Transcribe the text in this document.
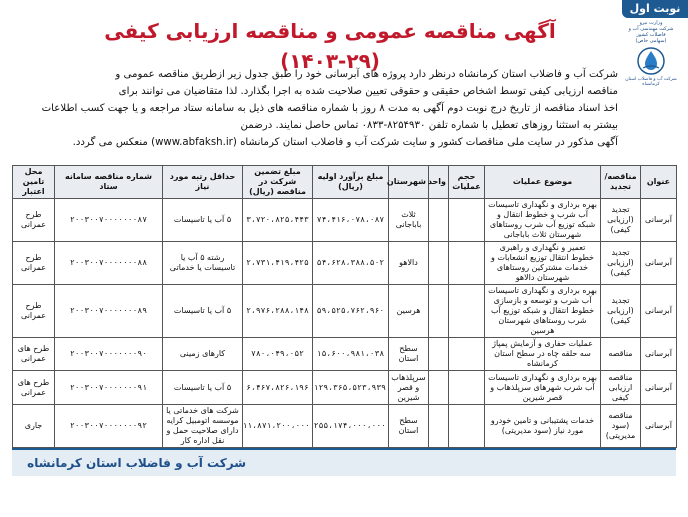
نوبت اول
وزارت نیرو
شرکت مهندسی آب و فاضلاب کشور
(سهامی خاص)
شرکت آب و فاضلاب استان کرمانشاه
آگهی مناقصه عمومی و مناقصه ارزیابی کیفی (۲۹-۱۴۰۳)

شرکت آب و فاضلاب استان کرمانشاه درنظر دارد پروژه های آبرسانی خود را طبق جدول زیر ازطریق مناقصه عمومی و

مناقصه ارزیابی کیفی توسط اشخاص حقیقی و حقوقی تعیین صلاحیت شده به اجرا بگذارد. لذا متقاضیان می توانند برای

اخذ اسناد مناقصه از تاریخ درج نوبت دوم آگهی به مدت ۸ روز با شماره مناقصه های ذیل به سامانه ستاد مراجعه و یا جهت کسب اطلاعات

بیشتر به استثنا روزهای تعطیل با شماره تلفن ۸۲۵۴۹۳۰-۰۸۳۳ تماس حاصل نمایند. درضمن

آگهی مذکور در سایت ملی مناقصات کشور و سایت شرکت آب و فاضلاب استان کرمانشاه (www.abfaksh.ir) منعکس می گردد.

عنوان	مناقصه/ تجدید	موضوع عملیات	حجم عملیات	واحد	شهرستان	مبلغ برآورد اولیه (ریال)	مبلغ تضمین شرکت در مناقصه (ریال)	حداقل رتبه مورد نیاز	شماره مناقصه سامانه ستاد	محل تامین اعتبار
آبرسانی	تجدید (ارزیابی کیفی)	بهره برداری و نگهداری تاسیسات آب شرب و خطوط انتقال و شبکه توزیع آب شرب روستاهای شهرستان ثلاث باباجانی			ثلاث باباجانی	۷۴،۴۱۶،۰۷۸،۰۸۷	۳،۷۲۰،۸۲۵،۴۴۳	۵ آب یا تاسیسات	۲۰۰۳۰۰۷۰۰۰۰۰۰۰۸۷	طرح عمرانی
آبرسانی	تجدید (ارزیابی کیفی)	تعمیر و نگهداری و راهبری خطوط انتقال توزیع انشعابات و خدمات مشترکین روستاهای شهرستان دالاهو			دالاهو	۵۴،۶۲۸،۳۸۸،۵۰۲	۲،۷۳۱،۴۱۹،۴۲۵	رشته ۵ آب یا تاسیسات یا خدماتی	۲۰۰۳۰۰۷۰۰۰۰۰۰۰۸۸	طرح عمرانی
آبرسانی	تجدید (ارزیابی کیفی)	بهره برداری و نگهداری تاسیسات آب شرب و توسعه و بازسازی خطوط انتقال و شبکه توزیع آب شرب روستاهای شهرستان هرسین			هرسین	۵۹،۵۲۵،۷۶۲،۹۶۰	۲،۹۷۶،۲۸۸،۱۴۸	۵ آب یا تاسیسات	۲۰۰۳۰۰۷۰۰۰۰۰۰۰۸۹	طرح عمرانی
آبرسانی	مناقصه	عملیات حفاری و آزمایش پمپاژ سه حلقه چاه در سطح استان کرمانشاه			سطح استان	۱۵،۶۰۰،۹۸۱،۰۳۸	۷۸۰،۰۴۹،۰۵۲	کارهای زمینی	۲۰۰۳۰۰۷۰۰۰۰۰۰۰۹۰	طرح های عمرانی
آبرسانی	مناقصه ارزیابی کیفی	بهره برداری و نگهداری تاسیسات آب شرب شهرهای سرپلذهاب و قصر شیرین			سرپلذهاب و قصر شیرین	۱۲۹،۳۶۵،۵۲۳،۹۳۹	۶،۴۶۷،۸۲۶،۱۹۶	۵ آب یا تاسیسات	۲۰۰۳۰۰۷۰۰۰۰۰۰۰۹۱	طرح های عمرانی
آبرسانی	مناقصه (سود مدیریتی)	خدمات پشتیبانی و تامین خودرو مورد نیاز (سود مدیریتی)			سطح استان	۲۵۵،۱۷۴،۰۰۰،۰۰۰	۱۱،۸۷۱،۲۰۰،۰۰۰	شرکت های خدماتی یا موسسه اتومبیل کرایه دارای صلاحیت حمل و نقل اداره کار	۲۰۰۳۰۰۷۰۰۰۰۰۰۰۹۲	جاری
شرکت آب و فاضلاب استان کرمانشاه
